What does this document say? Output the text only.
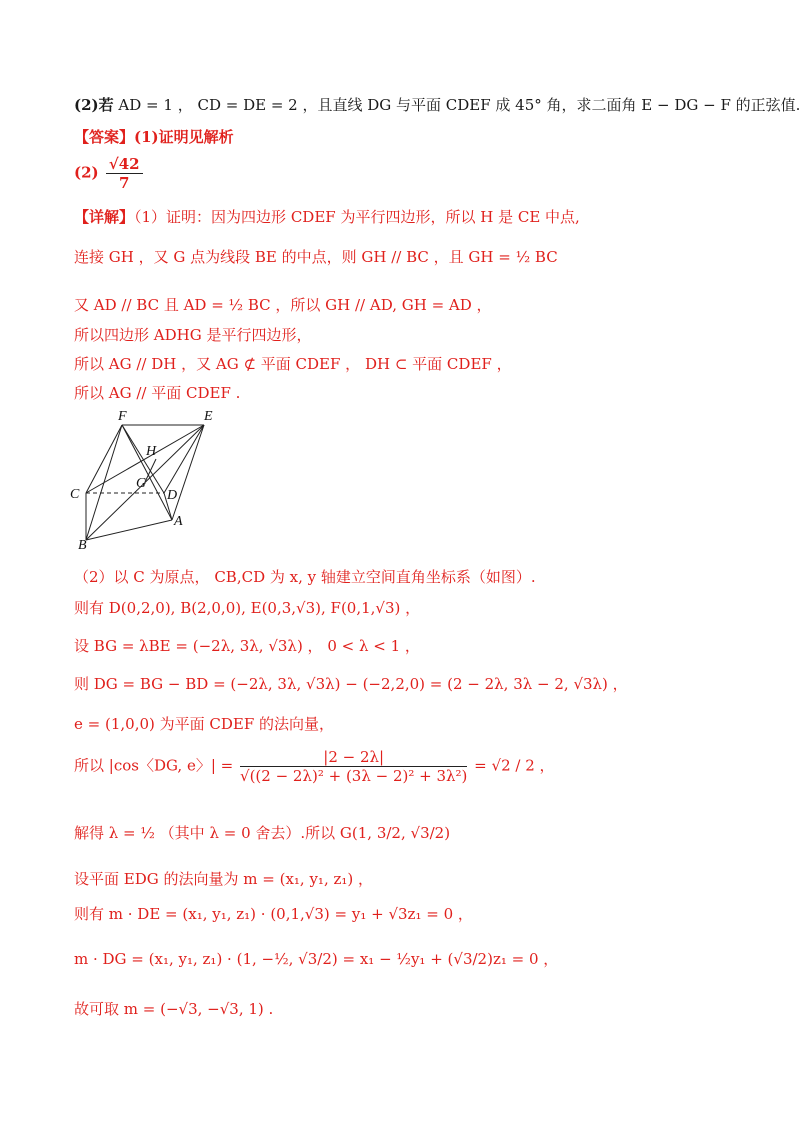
(2)若 AD = 1 ， CD = DE = 2 ，且直线 DG 与平面 CDEF 成 45° 角，求二面角 E − DG − F 的正弦值.
【答案】(1)证明见解析
$(2) \frac{√42}{7}$
【详解】（1）证明：因为四边形 CDEF 为平行四边形，所以 H 是 CE 中点,
连接 GH ，又 G 点为线段 BE 的中点，则 GH // BC ，且 GH = ½ BC
又 AD // BC 且 AD = ½ BC ，所以 GH // AD, GH = AD ，
所以四边形 ADHG 是平行四边形，
所以 AG // DH ，又 AG ⊄ 平面 CDEF ， DH ⊂ 平面 CDEF ，
所以 AG // 平面 CDEF .
F	E
H
G
C	D
A
B
（2）以 C 为原点， CB,CD 为 x, y 轴建立空间直角坐标系（如图）.
则有 D(0,2,0), B(2,0,0), E(0,3,√3), F(0,1,√3) ，
设 BG = λBE = (−2λ, 3λ, √3λ) ， 0 < λ < 1 ，
则 DG = BG − BD = (−2λ, 3λ, √3λ) − (−2,2,0) = (2 − 2λ, 3λ − 2, √3λ) ，
e = (1,0,0) 为平面 CDEF 的法向量，
所以 |cos〈DG, e〉| = $\frac{|2 - 2\lambda|}{\text{√((2 − 2λ)² + (3λ − 2)² + 3λ²)}} = √2 / 2$ ，
解得 λ = ½ （其中 λ = 0 舍去）.所以 G(1, 3/2, √3/2)
设平面 EDG 的法向量为 m = (x₁, y₁, z₁) ，
则有 m · DE = (x₁, y₁, z₁) · (0,1,√3) = y₁ + √3z₁ = 0 ，
m · DG = (x₁, y₁, z₁) · (1, −½, √3/2) = x₁ − ½y₁ + (√3/2)z₁ = 0 ，
故可取 m = (−√3, −√3, 1) .
